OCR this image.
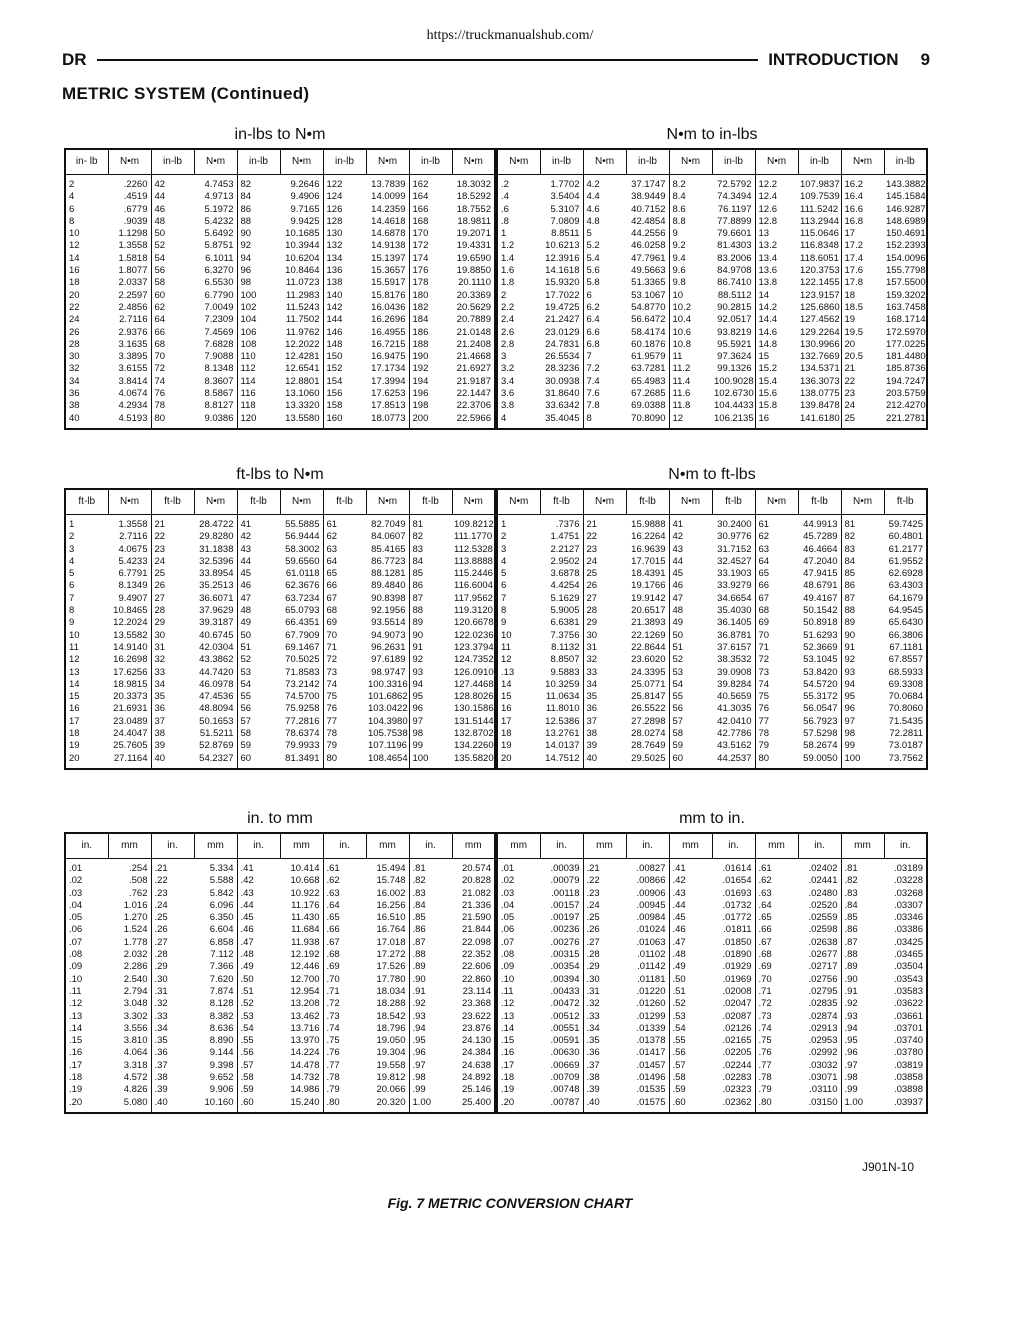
https://truckmanualshub.com/
DR	INTRODUCTION 9
METRIC SYSTEM (Continued)
in-lbs to N•m
in- lb	N•m	in-lb	N•m	in-lb	N•m	in-lb	N•m	in-lb	N•m
2	.2260	42	4.7453	82	9.2646	122	13.7839	162	18.3032
4	.4519	44	4.9713	84	9.4906	124	14.0099	164	18.5292
6	.6779	46	5.1972	86	9.7165	126	14.2359	166	18.7552
8	.9039	48	5.4232	88	9.9425	128	14.4618	168	18.9811
10	1.1298	50	5.6492	90	10.1685	130	14.6878	170	19.2071
12	1.3558	52	5.8751	92	10.3944	132	14.9138	172	19.4331
14	1.5818	54	6.1011	94	10.6204	134	15.1397	174	19.6590
16	1.8077	56	6.3270	96	10.8464	136	15.3657	176	19.8850
18	2.0337	58	6.5530	98	11.0723	138	15.5917	178	20.1110
20	2.2597	60	6.7790	100	11.2983	140	15.8176	180	20.3369
22	2.4856	62	7.0049	102	11.5243	142	16.0436	182	20.5629
24	2.7116	64	7.2309	104	11.7502	144	16.2696	184	20.7889
26	2.9376	66	7.4569	106	11.9762	146	16.4955	186	21.0148
28	3.1635	68	7.6828	108	12.2022	148	16.7215	188	21.2408
30	3.3895	70	7.9088	110	12.4281	150	16.9475	190	21.4668
32	3.6155	72	8.1348	112	12.6541	152	17.1734	192	21.6927
34	3.8414	74	8.3607	114	12.8801	154	17.3994	194	21.9187
36	4.0674	76	8.5867	116	13.1060	156	17.6253	196	22.1447
38	4.2934	78	8.8127	118	13.3320	158	17.8513	198	22.3706
40	4.5193	80	9.0386	120	13.5580	160	18.0773	200	22.5966
N•m to in-lbs
N•m	in-lb	N•m	in-lb	N•m	in-lb	N•m	in-lb	N•m	in-lb
.2	1.7702	4.2	37.1747	8.2	72.5792	12.2	107.9837	16.2	143.3882
.4	3.5404	4.4	38.9449	8.4	74.3494	12.4	109.7539	16.4	145.1584
.6	5.3107	4.6	40.7152	8.6	76.1197	12.6	111.5242	16.6	146.9287
.8	7.0809	4.8	42.4854	8.8	77.8899	12.8	113.2944	16.8	148.6989
1	8.8511	5	44.2556	9	79.6601	13	115.0646	17	150.4691
1.2	10.6213	5.2	46.0258	9.2	81.4303	13.2	116.8348	17.2	152.2393
1.4	12.3916	5.4	47.7961	9.4	83.2006	13.4	118.6051	17.4	154.0096
1.6	14.1618	5.6	49.5663	9.6	84.9708	13.6	120.3753	17.6	155.7798
1.8	15.9320	5.8	51.3365	9.8	86.7410	13.8	122.1455	17.8	157.5500
2	17.7022	6	53.1067	10	88.5112	14	123.9157	18	159.3202
2.2	19.4725	6.2	54.8770	10.2	90.2815	14.2	125.6860	18.5	163.7458
2.4	21.2427	6.4	56.6472	10.4	92.0517	14.4	127.4562	19	168.1714
2.6	23.0129	6.6	58.4174	10.6	93.8219	14.6	129.2264	19.5	172.5970
2.8	24.7831	6.8	60.1876	10.8	95.5921	14.8	130.9966	20	177.0225
3	26.5534	7	61.9579	11	97.3624	15	132.7669	20.5	181.4480
3.2	28.3236	7.2	63.7281	11.2	99.1326	15.2	134.5371	21	185.8736
3.4	30.0938	7.4	65.4983	11.4	100.9028	15.4	136.3073	22	194.7247
3.6	31.8640	7.6	67.2685	11.6	102.6730	15.6	138.0775	23	203.5759
3.8	33.6342	7.8	69.0388	11.8	104.4433	15.8	139.8478	24	212.4270
4	35.4045	8	70.8090	12	106.2135	16	141.6180	25	221.2781
ft-lbs to N•m
ft-lb	N•m	ft-lb	N•m	ft-lb	N•m	ft-lb	N•m	ft-lb	N•m
1	1.3558	21	28.4722	41	55.5885	61	82.7049	81	109.8212
2	2.7116	22	29.8280	42	56.9444	62	84.0607	82	111.1770
3	4.0675	23	31.1838	43	58.3002	63	85.4165	83	112.5328
4	5.4233	24	32.5396	44	59.6560	64	86.7723	84	113.8888
5	6.7791	25	33.8954	45	61.0118	65	88.1281	85	115.2446
6	8.1349	26	35.2513	46	62.3676	66	89.4840	86	116.6004
7	9.4907	27	36.6071	47	63.7234	67	90.8398	87	117.9562
8	10.8465	28	37.9629	48	65.0793	68	92.1956	88	119.3120
9	12.2024	29	39.3187	49	66.4351	69	93.5514	89	120.6678
10	13.5582	30	40.6745	50	67.7909	70	94.9073	90	122.0236
11	14.9140	31	42.0304	51	69.1467	71	96.2631	91	123.3794
12	16.2698	32	43.3862	52	70.5025	72	97.6189	92	124.7352
13	17.6256	33	44.7420	53	71.8583	73	98.9747	93	126.0910
14	18.9815	34	46.0978	54	73.2142	74	100.3316	94	127.4468
15	20.3373	35	47.4536	55	74.5700	75	101.6862	95	128.8026
16	21.6931	36	48.8094	56	75.9258	76	103.0422	96	130.1586
17	23.0489	37	50.1653	57	77.2816	77	104.3980	97	131.5144
18	24.4047	38	51.5211	58	78.6374	78	105.7538	98	132.8702
19	25.7605	39	52.8769	59	79.9933	79	107.1196	99	134.2260
20	27.1164	40	54.2327	60	81.3491	80	108.4654	100	135.5820
N•m to ft-lbs
N•m	ft-lb	N•m	ft-lb	N•m	ft-lb	N•m	ft-lb	N•m	ft-lb
1	.7376	21	15.9888	41	30.2400	61	44.9913	81	59.7425
2	1.4751	22	16.2264	42	30.9776	62	45.7289	82	60.4801
3	2.2127	23	16.9639	43	31.7152	63	46.4664	83	61.2177
4	2.9502	24	17.7015	44	32.4527	64	47.2040	84	61.9552
5	3.6878	25	18.4391	45	33.1903	65	47.9415	85	62.6928
6	4.4254	26	19.1766	46	33.9279	66	48.6791	86	63.4303
7	5.1629	27	19.9142	47	34.6654	67	49.4167	87	64.1679
8	5.9005	28	20.6517	48	35.4030	68	50.1542	88	64.9545
9	6.6381	29	21.3893	49	36.1405	69	50.8918	89	65.6430
10	7.3756	30	22.1269	50	36.8781	70	51.6293	90	66.3806
11	8.1132	31	22.8644	51	37.6157	71	52.3669	91	67.1181
12	8.8507	32	23.6020	52	38.3532	72	53.1045	92	67.8557
.13	9.5883	33	24.3395	53	39.0908	73	53.8420	93	68.5933
14	10.3259	34	25.0771	54	39.8284	74	54.5720	94	69.3308
15	11.0634	35	25.8147	55	40.5659	75	55.3172	95	70.0684
16	11.8010	36	26.5522	56	41.3035	76	56.0547	96	70.8060
17	12.5386	37	27.2898	57	42.0410	77	56.7923	97	71.5435
18	13.2761	38	28.0274	58	42.7786	78	57.5298	98	72.2811
19	14.0137	39	28.7649	59	43.5162	79	58.2674	99	73.0187
20	14.7512	40	29.5025	60	44.2537	80	59.0050	100	73.7562
in. to mm
in.	mm	in.	mm	in.	mm	in.	mm	in.	mm
.01	.254	.21	5.334	.41	10.414	.61	15.494	.81	20.574
.02	.508	.22	5.588	.42	10.668	.62	15.748	.82	20.828
.03	.762	.23	5.842	.43	10.922	.63	16.002	.83	21.082
.04	1.016	.24	6.096	.44	11.176	.64	16.256	.84	21.336
.05	1.270	.25	6.350	.45	11.430	.65	16.510	.85	21.590
.06	1.524	.26	6.604	.46	11.684	.66	16.764	.86	21.844
.07	1.778	.27	6.858	.47	11.938	.67	17.018	.87	22.098
.08	2.032	.28	7.112	.48	12.192	.68	17.272	.88	22.352
.09	2.286	.29	7.366	.49	12.446	.69	17.526	.89	22.606
.10	2.540	.30	7.620	.50	12.700	.70	17.780	.90	22.860
.11	2.794	.31	7.874	.51	12.954	.71	18.034	.91	23.114
.12	3.048	.32	8.128	.52	13.208	.72	18.288	.92	23.368
.13	3.302	.33	8.382	.53	13.462	.73	18.542	.93	23.622
.14	3.556	.34	8.636	.54	13.716	.74	18.796	.94	23.876
.15	3.810	.35	8.890	.55	13.970	.75	19.050	.95	24.130
.16	4.064	.36	9.144	.56	14.224	.76	19.304	.96	24.384
.17	3.318	.37	9.398	.57	14.478	.77	19.558	.97	24.638
.18	4.572	.38	9.652	.58	14.732	.78	19.812	.98	24.892
.19	4.826	.39	9.906	.59	14.986	.79	20.066	.99	25.146
.20	5.080	.40	10.160	.60	15.240	.80	20.320	1.00	25.400
mm to in.
mm	in.	mm	in.	mm	in.	mm	in.	mm	in.
.01	.00039	.21	.00827	.41	.01614	.61	.02402	.81	.03189
.02	.00079	.22	.00866	.42	.01654	.62	.02441	.82	.03228
.03	.00118	.23	.00906	.43	.01693	.63	.02480	.83	.03268
.04	.00157	.24	.00945	.44	.01732	.64	.02520	.84	.03307
.05	.00197	.25	.00984	.45	.01772	.65	.02559	.85	.03346
.06	.00236	.26	.01024	.46	.01811	.66	.02598	.86	.03386
.07	.00276	.27	.01063	.47	.01850	.67	.02638	.87	.03425
.08	.00315	.28	.01102	.48	.01890	.68	.02677	.88	.03465
.09	.00354	.29	.01142	.49	.01929	.69	.02717	.89	.03504
.10	.00394	.30	.01181	.50	.01969	.70	.02756	.90	.03543
.11	.00433	.31	.01220	.51	.02008	.71	.02795	.91	.03583
.12	.00472	.32	.01260	.52	.02047	.72	.02835	.92	.03622
.13	.00512	.33	.01299	.53	.02087	.73	.02874	.93	.03661
.14	.00551	.34	.01339	.54	.02126	.74	.02913	.94	.03701
.15	.00591	.35	.01378	.55	.02165	.75	.02953	.95	.03740
.16	.00630	.36	.01417	.56	.02205	.76	.02992	.96	.03780
.17	.00669	.37	.01457	.57	.02244	.77	.03032	.97	.03819
.18	.00709	.38	.01496	.58	.02283	.78	.03071	.98	.03858
.19	.00748	.39	.01535	.59	.02323	.79	.03110	.99	.03898
.20	.00787	.40	.01575	.60	.02362	.80	.03150	1.00	.03937
J901N-10
Fig. 7 METRIC CONVERSION CHART
